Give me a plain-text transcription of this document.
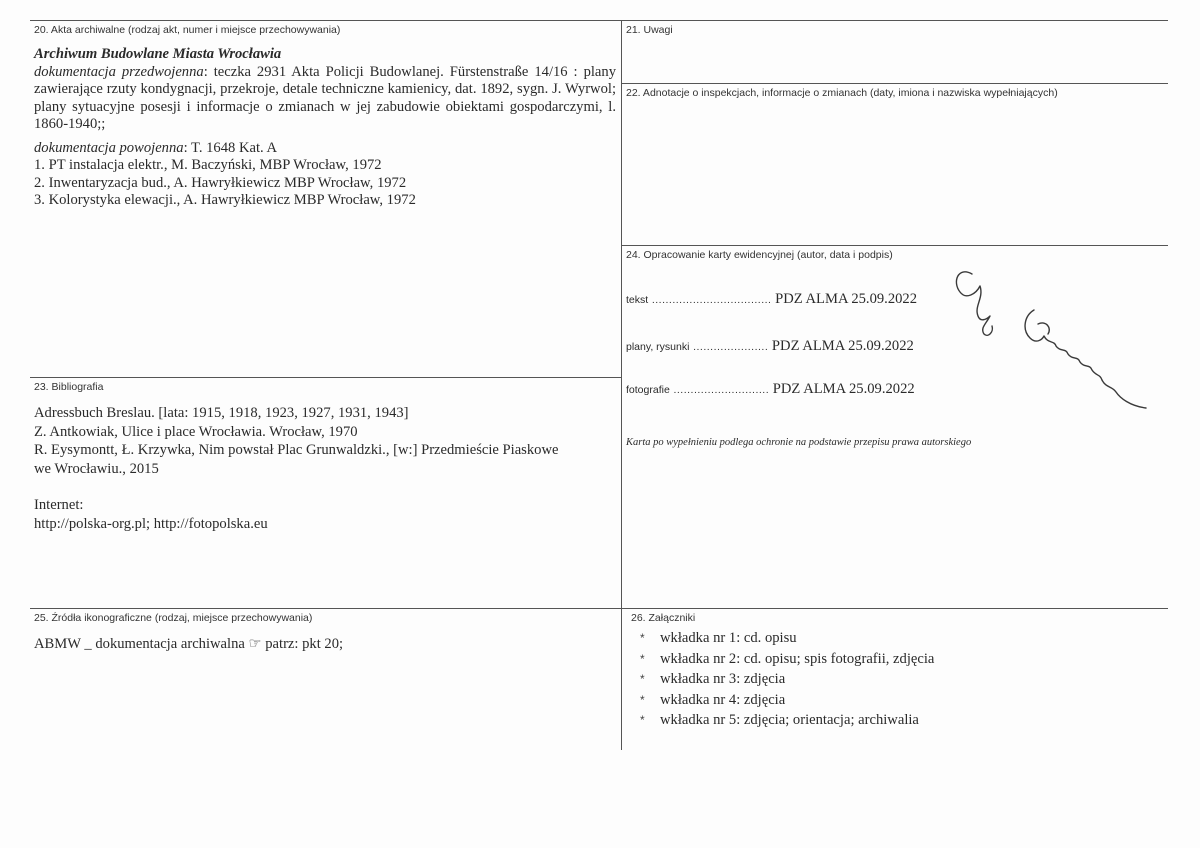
20. Akta archiwalne (rodzaj akt, numer i miejsce przechowywania)
Archiwum Budowlane Miasta Wrocławia
dokumentacja przedwojenna: teczka 2931 Akta Policji Budowlanej. Fürstenstraße 14/16 : plany zawierające rzuty kondygnacji, przekroje, detale techniczne kamienicy, dat. 1892, sygn. J. Wyrwol; plany sytuacyjne posesji i informacje o zmianach w jej zabudowie obiektami gospodarczymi, l. 1860-1940;;
dokumentacja powojenna: T. 1648 Kat. A
1. PT instalacja elektr., M. Baczyński, MBP Wrocław, 1972
2. Inwentaryzacja bud., A. Hawryłkiewicz MBP Wrocław, 1972
3. Kolorystyka elewacji., A. Hawryłkiewicz MBP Wrocław, 1972
21. Uwagi
22. Adnotacje o inspekcjach, informacje o zmianach (daty, imiona i nazwiska wypełniających)
23. Bibliografia
Adressbuch Breslau. [lata: 1915, 1918, 1923, 1927, 1931, 1943]
Z. Antkowiak, Ulice i place Wrocławia. Wrocław, 1970
R. Eysymontt, Ł. Krzywka, Nim powstał Plac Grunwaldzki., [w:] Przedmieście Piaskowe
we Wrocławiu., 2015
Internet:
http://polska-org.pl; http://fotopolska.eu
24. Opracowanie karty ewidencyjnej (autor, data i podpis)
tekst ................................... PDZ ALMA 25.09.2022
plany, rysunki ...................... PDZ ALMA 25.09.2022
fotografie ............................ PDZ ALMA 25.09.2022
Karta po wypełnieniu podlega ochronie na podstawie przepisu prawa autorskiego
25. Źródła ikonograficzne (rodzaj, miejsce przechowywania)
ABMW _ dokumentacja archiwalna ☞ patrz: pkt 20;
26. Załączniki
* wkładka nr 1: cd. opisu
* wkładka nr 2: cd. opisu; spis fotografii, zdjęcia
* wkładka nr 3: zdjęcia
* wkładka nr 4: zdjęcia
* wkładka nr 5: zdjęcia; orientacja; archiwalia
